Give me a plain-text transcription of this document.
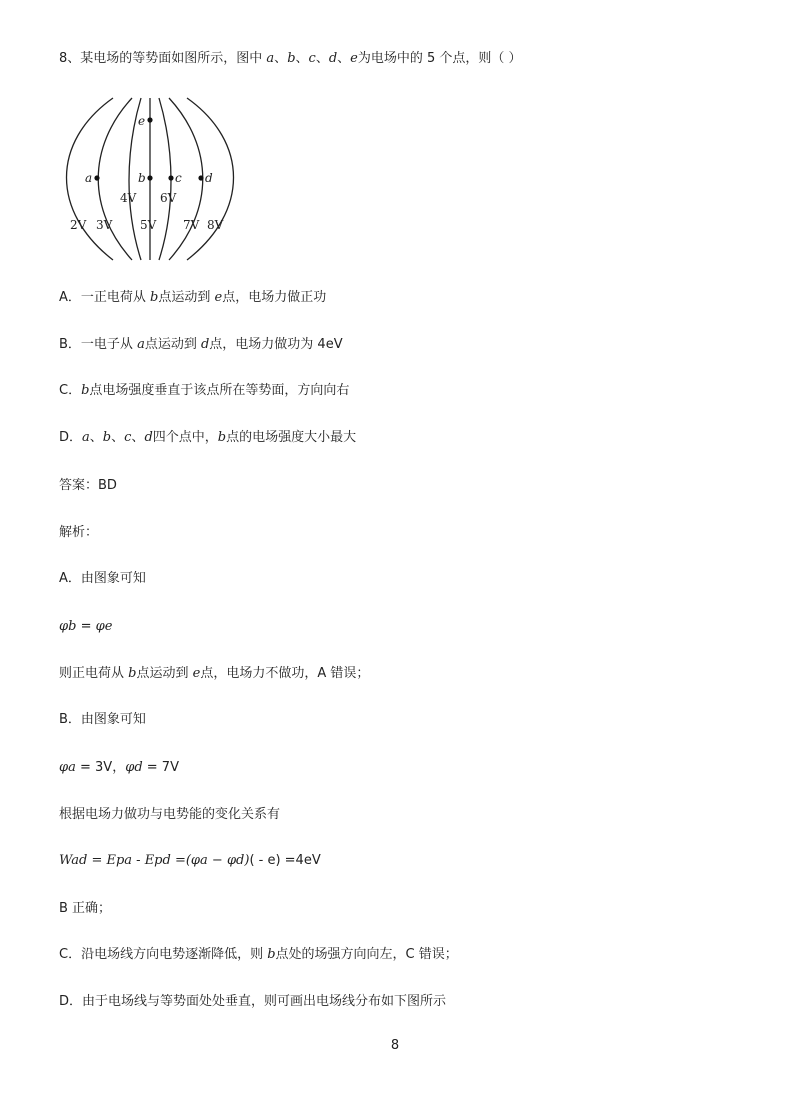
8、某电场的等势面如图所示，图中 a、b、c、d、e为电场中的 5 个点，则（ ）
e
a	b c d
4V 6V
2V 3V 5V 7V 8V
A．一正电荷从 b点运动到 e点，电场力做正功
B．一电子从 a点运动到 d点，电场力做功为 4eV
C．b点电场强度垂直于该点所在等势面，方向向右
D．a、b、c、d四个点中，b点的电场强度大小最大
答案：BD
解析：
A．由图象可知
φb = φe
则正电荷从 b点运动到 e点，电场力不做功，A 错误；
B．由图象可知
φa = 3V，φd = 7V
根据电场力做功与电势能的变化关系有
Wad = Epa - Epd =(φa − φd)( - e) =4eV
B 正确；
C．沿电场线方向电势逐渐降低，则 b点处的场强方向向左，C 错误；
D．由于电场线与等势面处处垂直，则可画出电场线分布如下图所示
8
